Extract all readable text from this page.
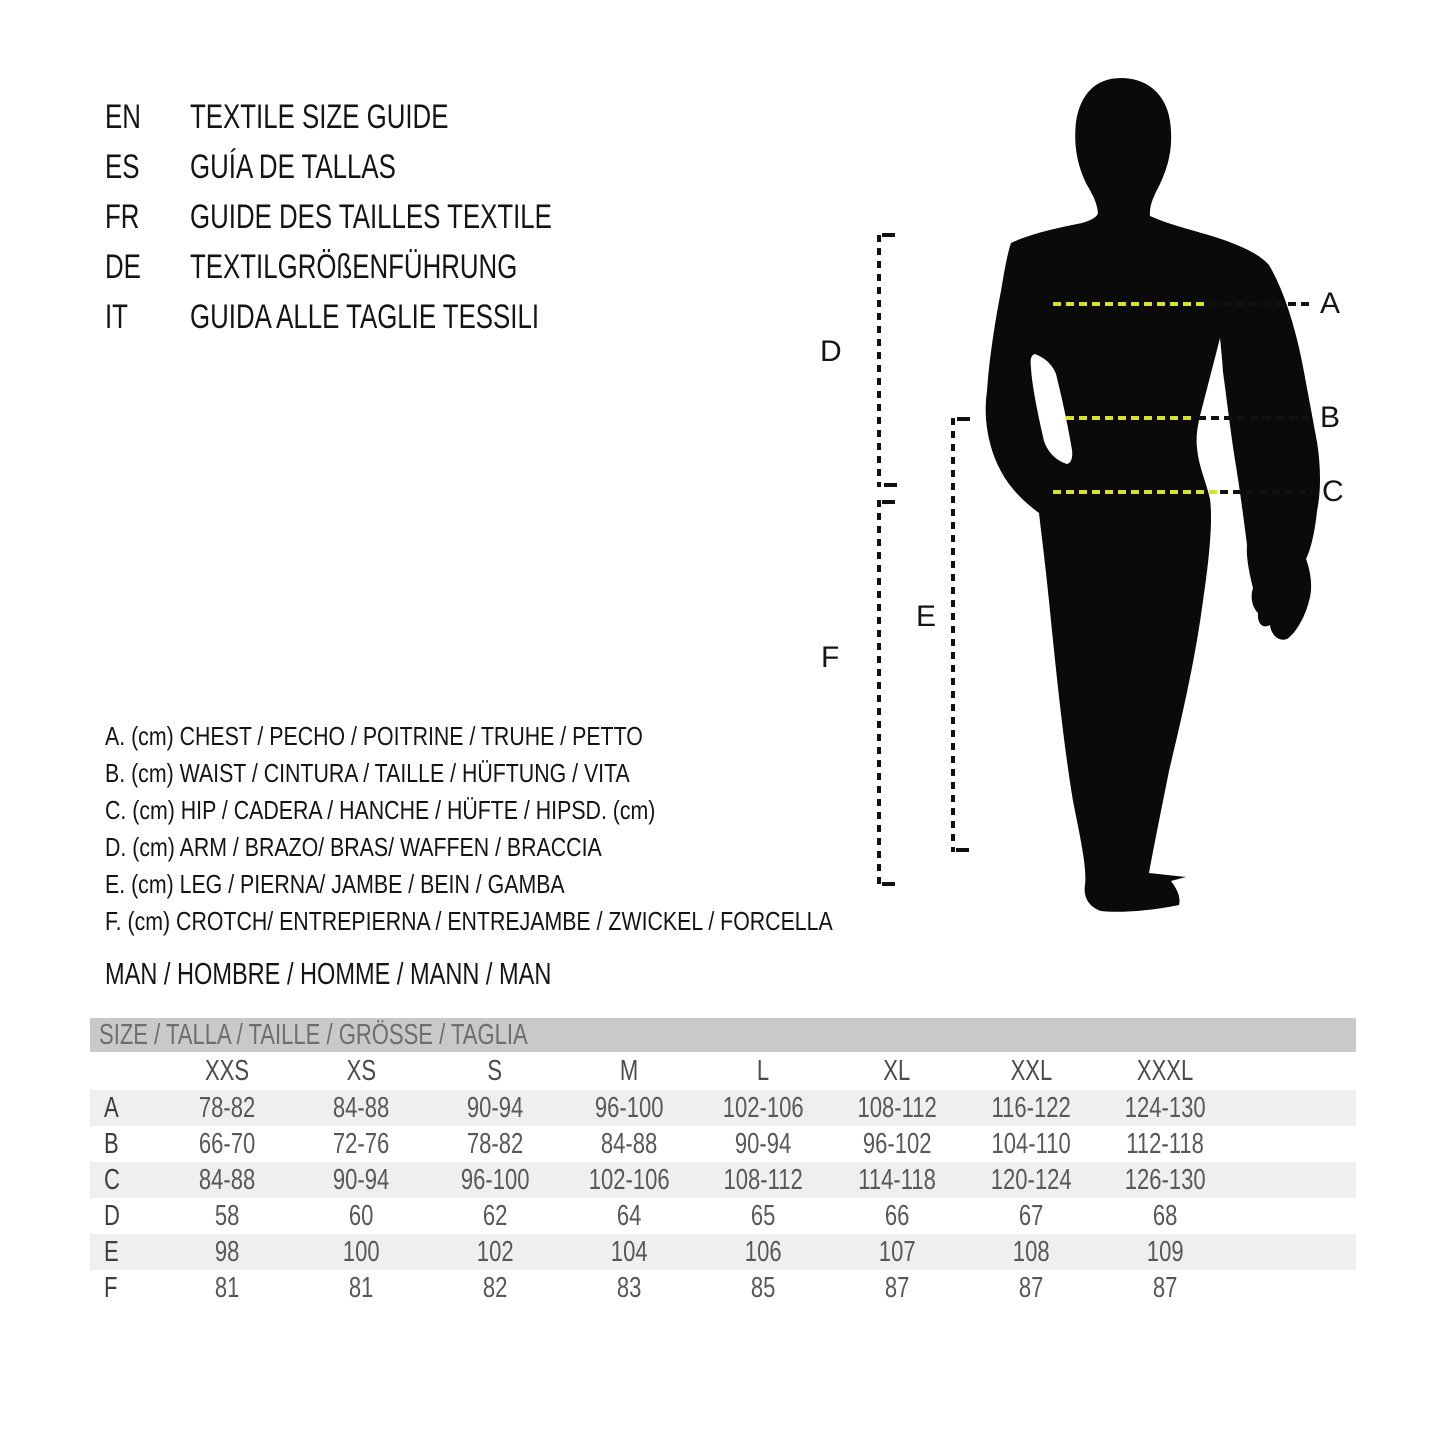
EN	TEXTILE SIZE GUIDE
ES	GUÍA DE TALLAS
FR	GUIDE DES TAILLES TEXTILE
DE	TEXTILGRÖßENFÜHRUNG
IT GUIDA ALLE TAGLIE TESSILI	A
B
C
D
E
F
A. (cm) CHEST / PECHO / POITRINE / TRUHE / PETTO
B. (cm) WAIST / CINTURA / TAILLE / HÜFTUNG / VITA
C. (cm) HIP / CADERA / HANCHE / HÜFTE / HIPSD. (cm)
D. (cm) ARM / BRAZO/ BRAS/ WAFFEN / BRACCIA
E. (cm) LEG / PIERNA/ JAMBE / BEIN / GAMBA
F. (cm) CROTCH/ ENTREPIERNA / ENTREJAMBE / ZWICKEL / FORCELLA
MAN / HOMBRE / HOMME / MANN / MAN
SIZE / TALLA / TAILLE / GRÖSSE / TAGLIA
XXS	XS	S	M	L	XL	XXL	XXXL
A	78-82	84-88	90-94	96-100	102-106	108-112	116-122	124-130
B	66-70	72-76	78-82	84-88	90-94	96-102	104-110	112-118
C	84-88	90-94	96-100	102-106	108-112	114-118	120-124	126-130
D	58	60	62	64	65	66	67	68
E	98	100	102	104	106	107	108	109
F	81	81	82	83	85	87	87	87
